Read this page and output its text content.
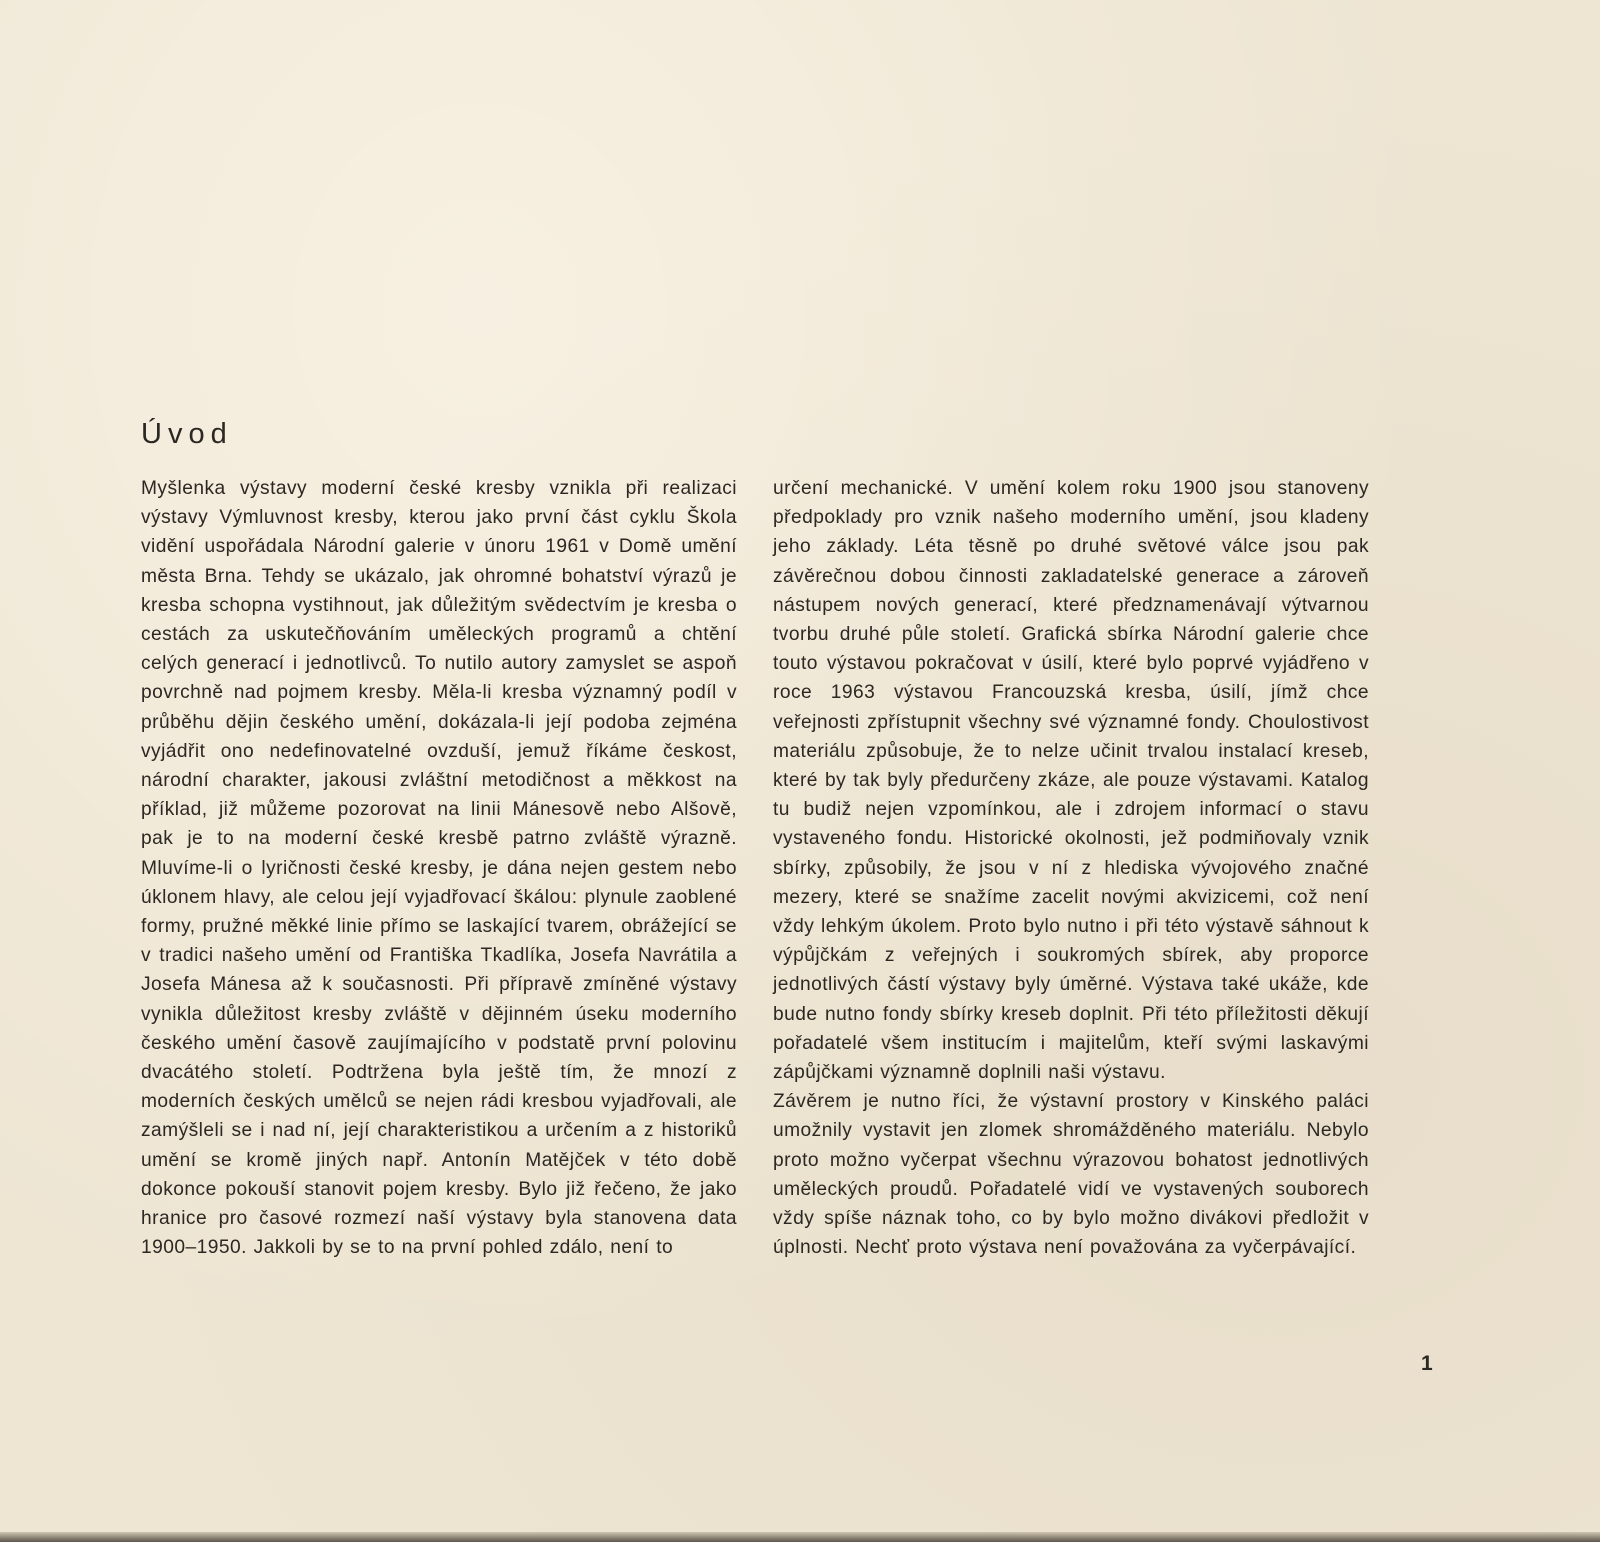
Úvod

Myšlenka výstavy moderní české kresby vznikla při realizaci výstavy Výmluvnost kresby, kterou jako první část cyklu Škola vidění uspořádala Národní galerie v únoru 1961 v Domě umění města Brna. Tehdy se ukázalo, jak ohromné bohatství výrazů je kresba schopna vystihnout, jak důležitým svědectvím je kresba o cestách za uskutečňováním uměleckých programů a chtění celých generací i jednotlivců. To nutilo autory zamyslet se aspoň povrchně nad pojmem kresby. Měla-li kresba významný podíl v průběhu dějin českého umění, dokázala-li její podoba zejména vyjádřit ono nedefinovatelné ovzduší, jemuž říkáme českost, národní charakter, jakousi zvláštní metodičnost a měkkost na příklad, již můžeme pozorovat na linii Mánesově nebo Alšově, pak je to na moderní české kresbě patrno zvláště výrazně. Mluvíme-li o lyričnosti české kresby, je dána nejen gestem nebo úklonem hlavy, ale celou její vyjadřovací škálou: plynule zaoblené formy, pružné měkké linie přímo se laskající tvarem, obrážející se v tradici našeho umění od Františka Tkadlíka, Josefa Navrátila a Josefa Mánesa až k současnosti. Při přípravě zmíněné výstavy vynikla důležitost kresby zvláště v dějinném úseku moderního českého umění časově zaujímajícího v podstatě první polovinu dvacátého století. Podtržena byla ještě tím, že mnozí z moderních českých umělců se nejen rádi kresbou vyjadřovali, ale zamýšleli se i nad ní, její charakteristikou a určením a z historiků umění se kromě jiných např. Antonín Matějček v této době dokonce pokouší stanovit pojem kresby. Bylo již řečeno, že jako hranice pro časové rozmezí naší výstavy byla stanovena data 1900–1950. Jakkoli by se to na první pohled zdálo, není to

určení mechanické. V umění kolem roku 1900 jsou stanoveny předpoklady pro vznik našeho moderního umění, jsou kladeny jeho základy. Léta těsně po druhé světové válce jsou pak závěrečnou dobou činnosti zakladatelské generace a zároveň nástupem nových generací, které předznamenávají výtvarnou tvorbu druhé půle století. Grafická sbírka Národní galerie chce touto výstavou pokračovat v úsilí, které bylo poprvé vyjádřeno v roce 1963 výstavou Francouzská kresba, úsilí, jímž chce veřejnosti zpřístupnit všechny své významné fondy. Choulostivost materiálu způsobuje, že to nelze učinit trvalou instalací kreseb, které by tak byly předurčeny zkáze, ale pouze výstavami. Katalog tu budiž nejen vzpomínkou, ale i zdrojem informací o stavu vystaveného fondu. Historické okolnosti, jež podmiňovaly vznik sbírky, způsobily, že jsou v ní z hlediska vývojového značné mezery, které se snažíme zacelit novými akvizicemi, což není vždy lehkým úkolem. Proto bylo nutno i při této výstavě sáhnout k výpůjčkám z veřejných i soukromých sbírek, aby proporce jednotlivých částí výstavy byly úměrné. Výstava také ukáže, kde bude nutno fondy sbírky kreseb doplnit. Při této příležitosti děkují pořadatelé všem institucím i majitelům, kteří svými laskavými zápůjčkami významně doplnili naši výstavu.

Závěrem je nutno říci, že výstavní prostory v Kinského paláci umožnily vystavit jen zlomek shromážděného materiálu. Nebylo proto možno vyčerpat všechnu výrazovou bohatost jednotlivých uměleckých proudů. Pořadatelé vidí ve vystavených souborech vždy spíše náznak toho, co by bylo možno divákovi předložit v úplnosti. Nechť proto výstava není považována za vyčerpávající.

1
